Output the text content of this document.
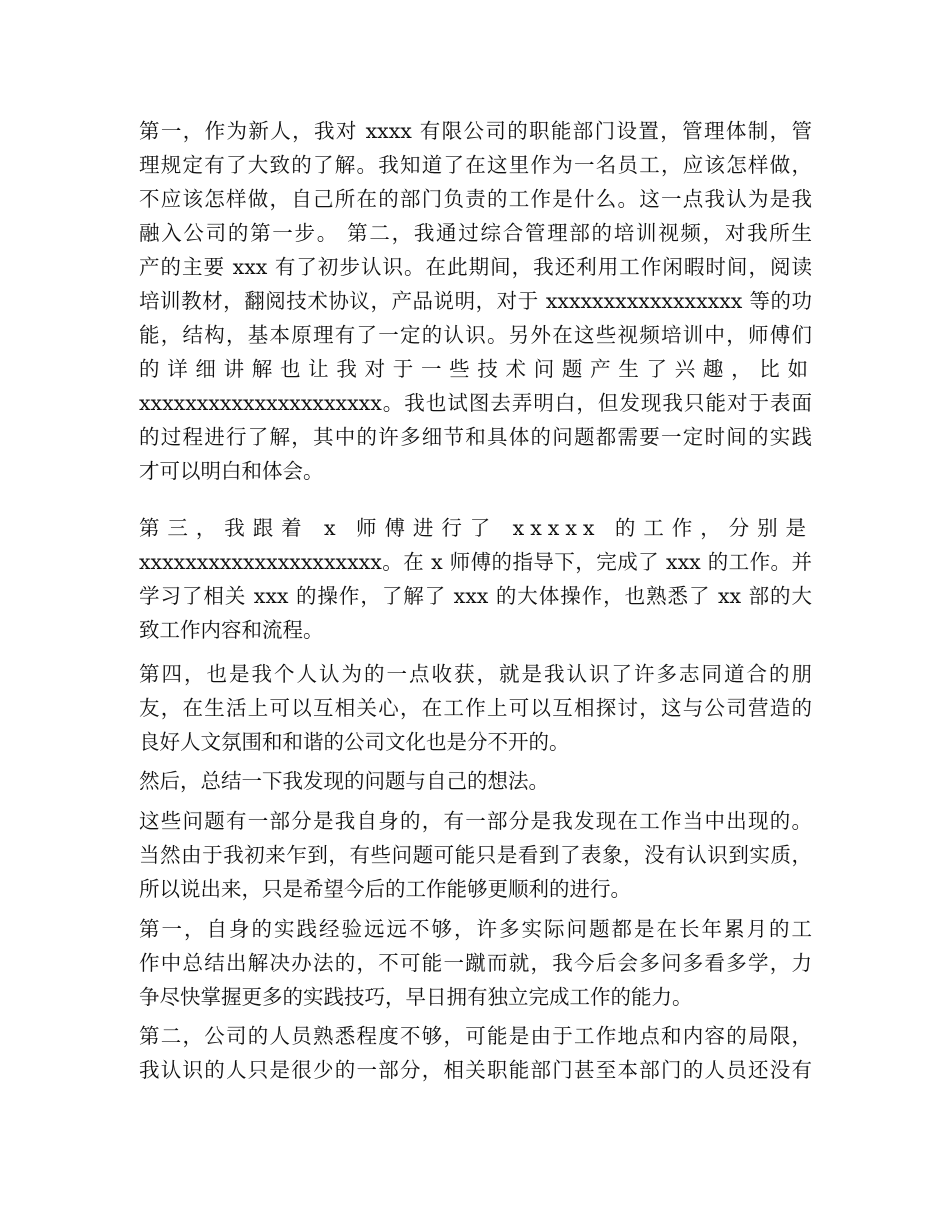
第一，作为新人，我对 xxxx 有限公司的职能部门设置，管理体制，管
理规定有了大致的了解。我知道了在这里作为一名员工，应该怎样做，
不应该怎样做，自己所在的部门负责的工作是什么。这一点我认为是我
融入公司的第一步。 第二，我通过综合管理部的培训视频，对我所生
产的主要 xxx 有了初步认识。在此期间，我还利用工作闲暇时间，阅读
培训教材，翻阅技术协议，产品说明，对于 xxxxxxxxxxxxxxxxx 等的功
能，结构，基本原理有了一定的认识。另外在这些视频培训中，师傅们
的详细讲解也让我对于一些技术问题产生了兴趣，比如
xxxxxxxxxxxxxxxxxxxxx。我也试图去弄明白，但发现我只能对于表面
的过程进行了解，其中的许多细节和具体的问题都需要一定时间的实践
才可以明白和体会。
第三，我跟着 x 师傅进行了 xxxxx 的工作，分别是
xxxxxxxxxxxxxxxxxxxxx。在 x 师傅的指导下，完成了 xxx 的工作。并
学习了相关 xxx 的操作，了解了 xxx 的大体操作，也熟悉了 xx 部的大
致工作内容和流程。
第四，也是我个人认为的一点收获，就是我认识了许多志同道合的朋
友，在生活上可以互相关心，在工作上可以互相探讨，这与公司营造的
良好人文氛围和和谐的公司文化也是分不开的。
然后，总结一下我发现的问题与自己的想法。
这些问题有一部分是我自身的，有一部分是我发现在工作当中出现的。
当然由于我初来乍到，有些问题可能只是看到了表象，没有认识到实质，
所以说出来，只是希望今后的工作能够更顺利的进行。
第一，自身的实践经验远远不够，许多实际问题都是在长年累月的工
作中总结出解决办法的，不可能一蹴而就，我今后会多问多看多学，力
争尽快掌握更多的实践技巧，早日拥有独立完成工作的能力。
第二，公司的人员熟悉程度不够，可能是由于工作地点和内容的局限，
我认识的人只是很少的一部分，相关职能部门甚至本部门的人员还没有
